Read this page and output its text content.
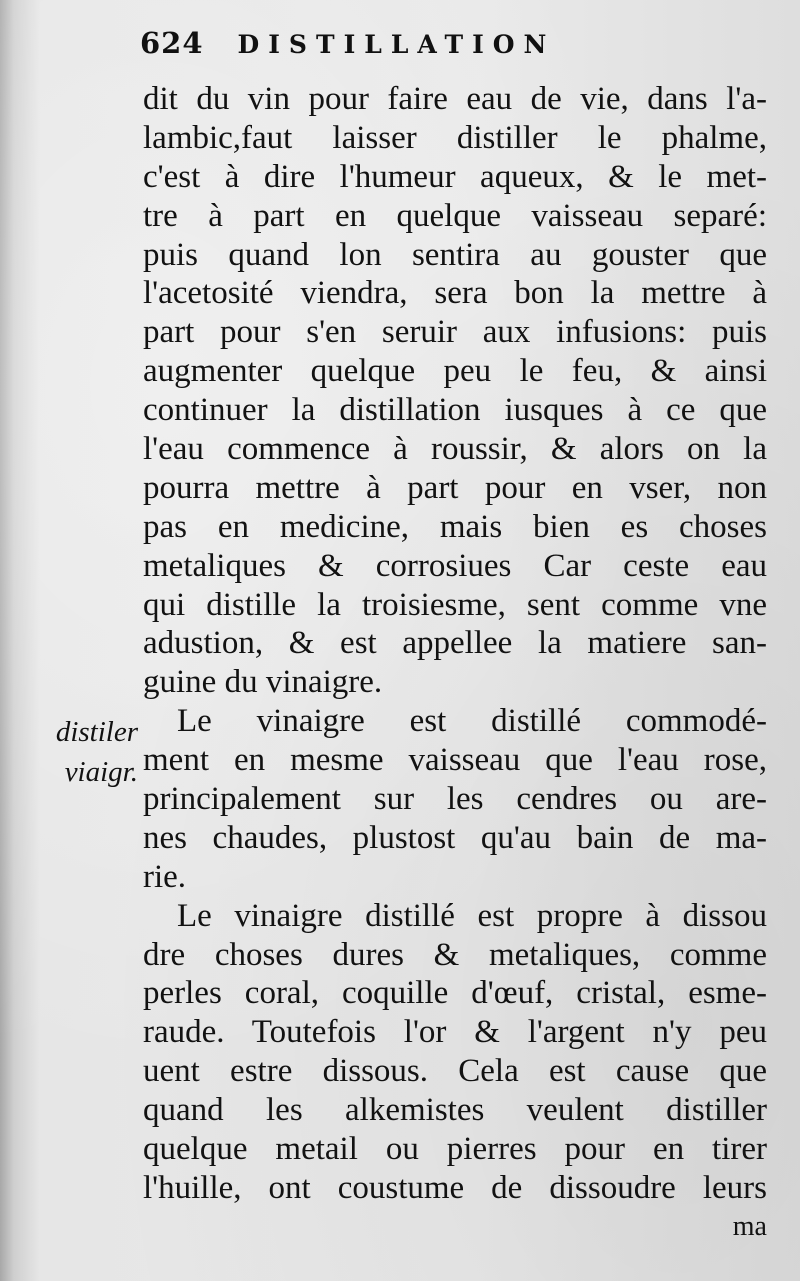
624 DISTILLATION
distiler
viaigr.
dit du vin pour faire eau de vie, dans l'a-
lambic,faut laisser distiller le phalme,
c'est à dire l'humeur aqueux, & le met-
tre à part en quelque vaisseau separé:
puis quand lon sentira au gouster que
l'acetosité viendra, sera bon la mettre à
part pour s'en seruir aux infusions: puis
augmenter quelque peu le feu, & ainsi
continuer la distillation iusques à ce que
l'eau commence à roussir, & alors on la
pourra mettre à part pour en vser, non
pas en medicine, mais bien es choses
metaliques & corrosiues Car ceste eau
qui distille la troisiesme, sent comme vne
adustion, & est appellee la matiere san-
guine du vinaigre.
Le vinaigre est distillé commodé-
ment en mesme vaisseau que l'eau rose,
principalement sur les cendres ou are-
nes chaudes, plustost qu'au bain de ma-
rie.
Le vinaigre distillé est propre à dissou
dre choses dures & metaliques, comme
perles coral, coquille d'œuf, cristal, esme-
raude. Toutefois l'or & l'argent n'y peu
uent estre dissous. Cela est cause que
quand les alkemistes veulent distiller
quelque metail ou pierres pour en tirer
l'huille, ont coustume de dissoudre leurs
ma
